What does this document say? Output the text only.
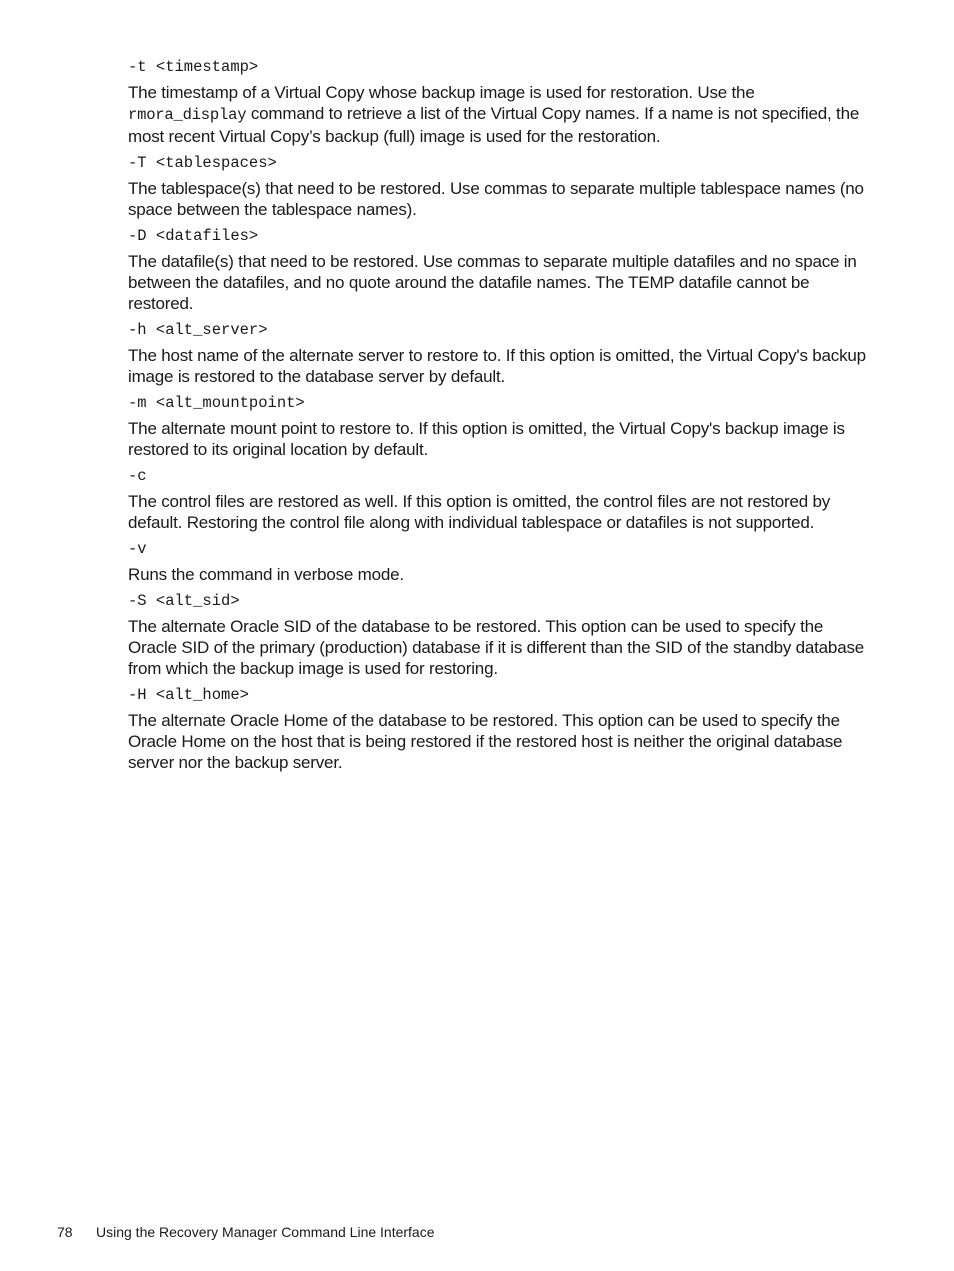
-t <timestamp>

The timestamp of a Virtual Copy whose backup image is used for restoration. Use the rmora_display command to retrieve a list of the Virtual Copy names. If a name is not specified, the most recent Virtual Copy’s backup (full) image is used for the restoration.

-T <tablespaces>

The tablespace(s) that need to be restored. Use commas to separate multiple tablespace names (no space between the tablespace names).

-D <datafiles>

The datafile(s) that need to be restored. Use commas to separate multiple datafiles and no space in between the datafiles, and no quote around the datafile names. The TEMP datafile cannot be restored.

-h <alt_server>

The host name of the alternate server to restore to. If this option is omitted, the Virtual Copy's backup image is restored to the database server by default.

-m <alt_mountpoint>

The alternate mount point to restore to. If this option is omitted, the Virtual Copy's backup image is restored to its original location by default.

-c

The control files are restored as well. If this option is omitted, the control files are not restored by default. Restoring the control file along with individual tablespace or datafiles is not supported.

-v

Runs the command in verbose mode.

-S <alt_sid>

The alternate Oracle SID of the database to be restored. This option can be used to specify the Oracle SID of the primary (production) database if it is different than the SID of the standby database from which the backup image is used for restoring.

-H <alt_home>

The alternate Oracle Home of the database to be restored. This option can be used to specify the Oracle Home on the host that is being restored if the restored host is neither the original database server nor the backup server.

78 Using the Recovery Manager Command Line Interface
